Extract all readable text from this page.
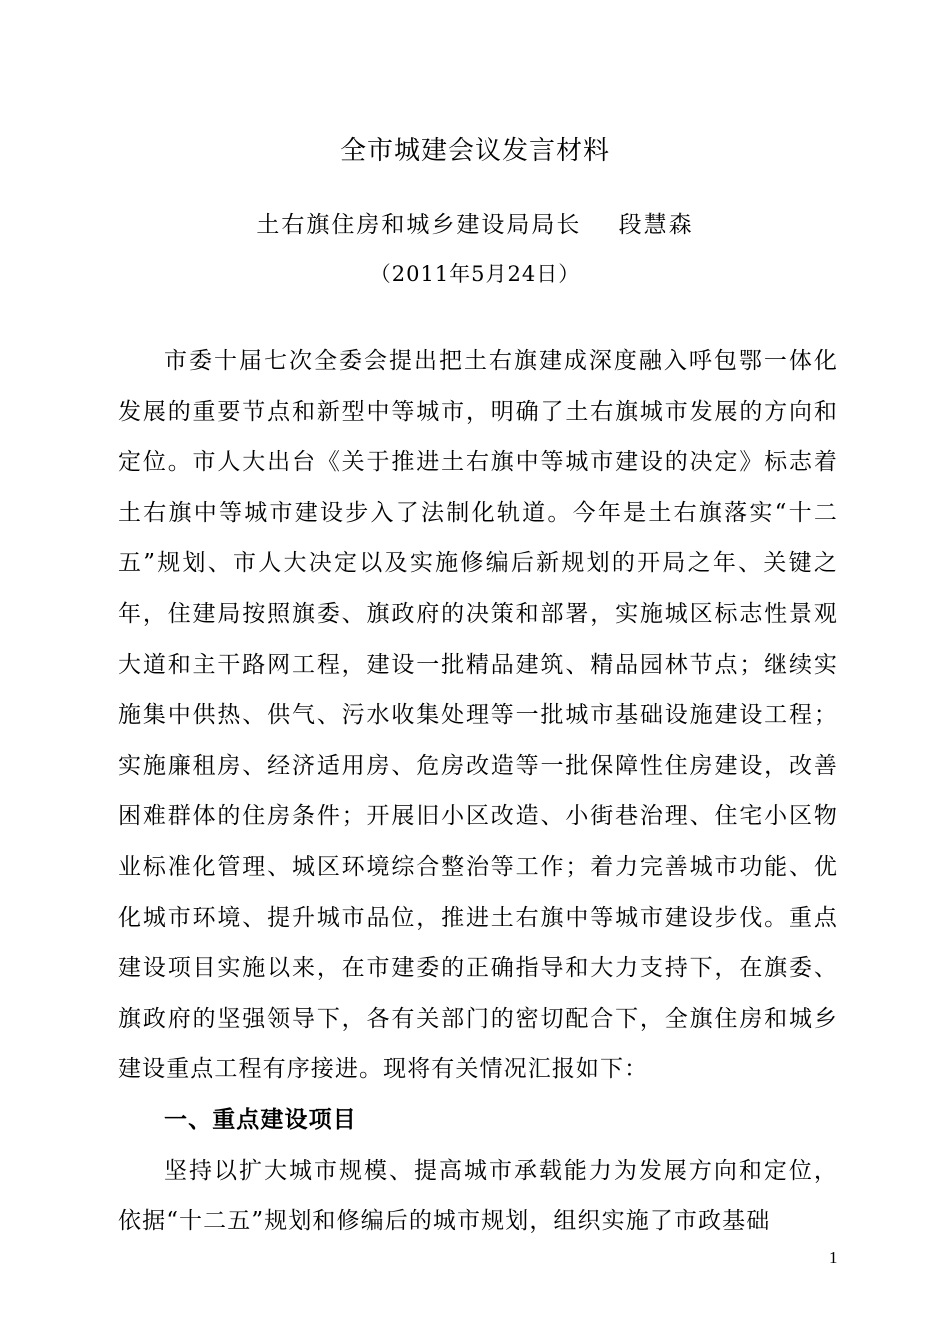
全市城建会议发言材料
土右旗住房和城乡建设局局长    段慧森
（2011年5月24日）

市委十届七次全委会提出把土右旗建成深度融入呼包鄂一体化发展的重要节点和新型中等城市，明确了土右旗城市发展的方向和定位。市人大出台《关于推进土右旗中等城市建设的决定》标志着土右旗中等城市建设步入了法制化轨道。今年是土右旗落实“十二五”规划、市人大决定以及实施修编后新规划的开局之年、关键之年，住建局按照旗委、旗政府的决策和部署，实施城区标志性景观大道和主干路网工程，建设一批精品建筑、精品园林节点；继续实施集中供热、供气、污水收集处理等一批城市基础设施建设工程；实施廉租房、经济适用房、危房改造等一批保障性住房建设，改善困难群体的住房条件；开展旧小区改造、小街巷治理、住宅小区物业标准化管理、城区环境综合整治等工作；着力完善城市功能、优化城市环境、提升城市品位，推进土右旗中等城市建设步伐。重点建设项目实施以来，在市建委的正确指导和大力支持下，在旗委、旗政府的坚强领导下，各有关部门的密切配合下，全旗住房和城乡建设重点工程有序接进。现将有关情况汇报如下：

一、重点建设项目

坚持以扩大城市规模、提高城市承载能力为发展方向和定位，依据“十二五”规划和修编后的城市规划，组织实施了市政基础

1
